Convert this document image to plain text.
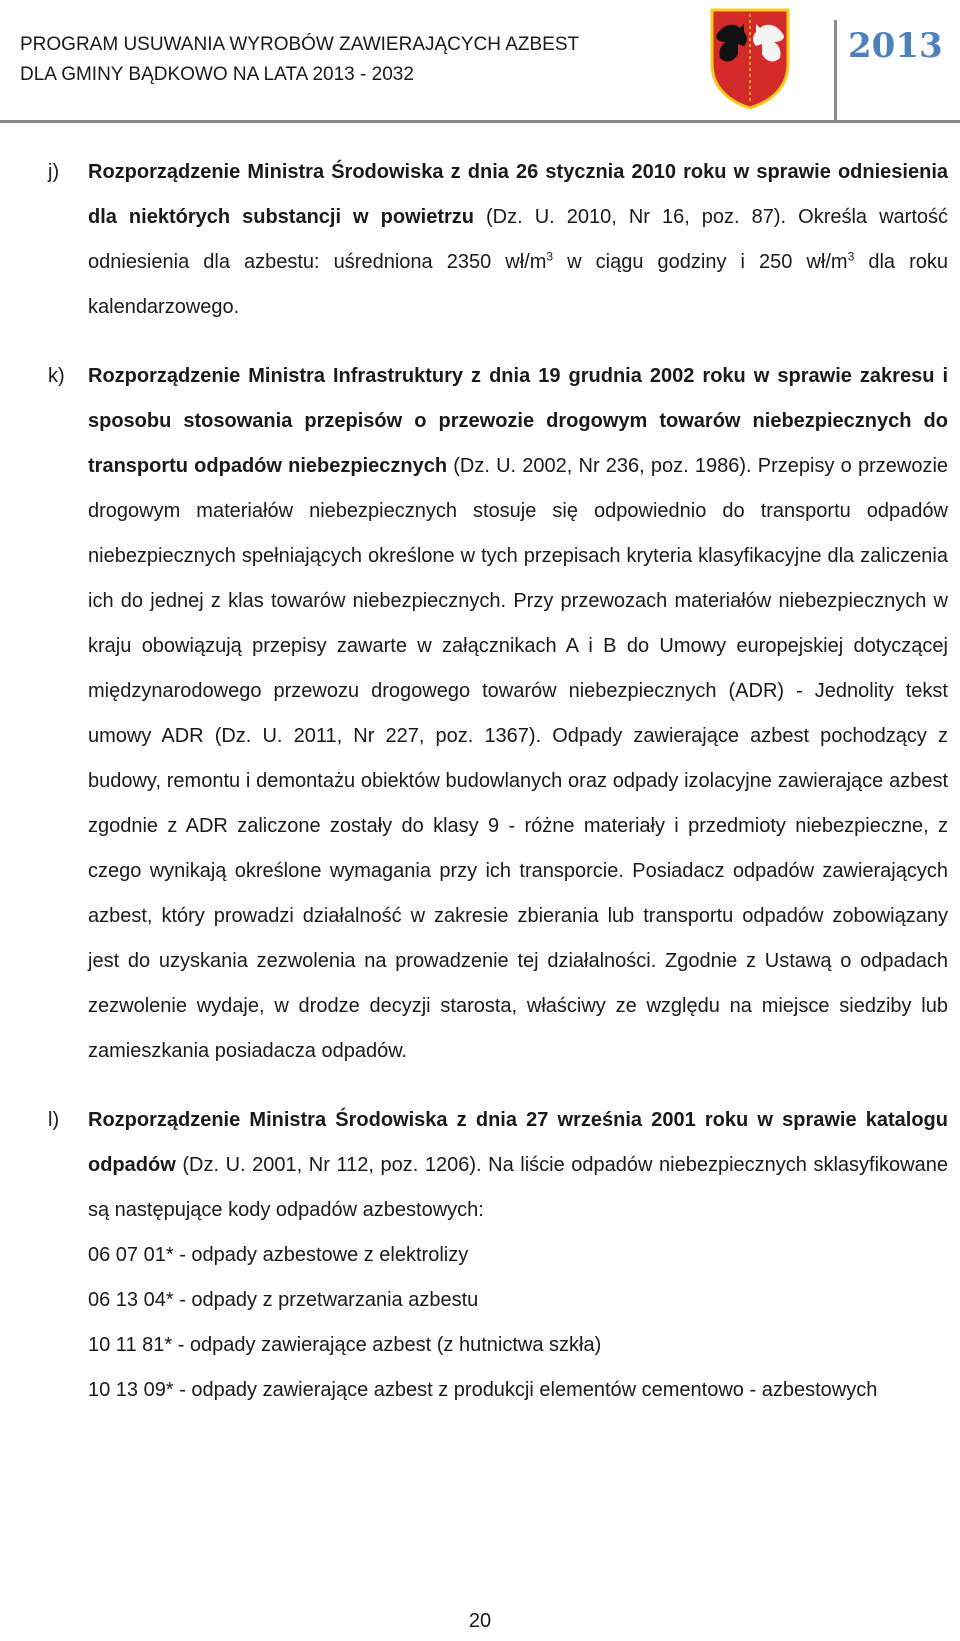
PROGRAM USUWANIA WYROBÓW ZAWIERAJĄCYCH AZBEST
DLA GMINY BĄDKOWO NA LATA 2013 - 2032
2013
j) Rozporządzenie Ministra Środowiska z dnia 26 stycznia 2010 roku w sprawie odniesienia dla niektórych substancji w powietrzu (Dz. U. 2010, Nr 16, poz. 87). Określa wartość odniesienia dla azbestu: uśredniona 2350 $wł/m^3$ w ciągu godziny i 250 $wł/m^3$ dla roku kalendarzowego.

k) Rozporządzenie Ministra Infrastruktury z dnia 19 grudnia 2002 roku w sprawie zakresu i sposobu stosowania przepisów o przewozie drogowym towarów niebezpiecznych do transportu odpadów niebezpiecznych (Dz. U. 2002, Nr 236, poz. 1986). Przepisy o przewozie drogowym materiałów niebezpiecznych stosuje się odpowiednio do transportu odpadów niebezpiecznych spełniających określone w tych przepisach kryteria klasyfikacyjne dla zaliczenia ich do jednej z klas towarów niebezpiecznych. Przy przewozach materiałów niebezpiecznych w kraju obowiązują przepisy zawarte w załącznikach A i B do Umowy europejskiej dotyczącej międzynarodowego przewozu drogowego towarów niebezpiecznych (ADR) - Jednolity tekst umowy ADR (Dz. U. 2011, Nr 227, poz. 1367). Odpady zawierające azbest pochodzący z budowy, remontu i demontażu obiektów budowlanych oraz odpady izolacyjne zawierające azbest zgodnie z ADR zaliczone zostały do klasy 9 - różne materiały i przedmioty niebezpieczne, z czego wynikają określone wymagania przy ich transporcie. Posiadacz odpadów zawierających azbest, który prowadzi działalność w zakresie zbierania lub transportu odpadów zobowiązany jest do uzyskania zezwolenia na prowadzenie tej działalności. Zgodnie z Ustawą o odpadach zezwolenie wydaje, w drodze decyzji starosta, właściwy ze względu na miejsce siedziby lub zamieszkania posiadacza odpadów.

l) Rozporządzenie Ministra Środowiska z dnia 27 września 2001 roku w sprawie katalogu odpadów (Dz. U. 2001, Nr 112, poz. 1206). Na liście odpadów niebezpiecznych sklasyfikowane są następujące kody odpadów azbestowych:

06 07 01* - odpady azbestowe z elektrolizy
06 13 04* - odpady z przetwarzania azbestu
10 11 81* - odpady zawierające azbest (z hutnictwa szkła)
10 13 09* - odpady zawierające azbest z produkcji elementów cementowo - azbestowych
20
